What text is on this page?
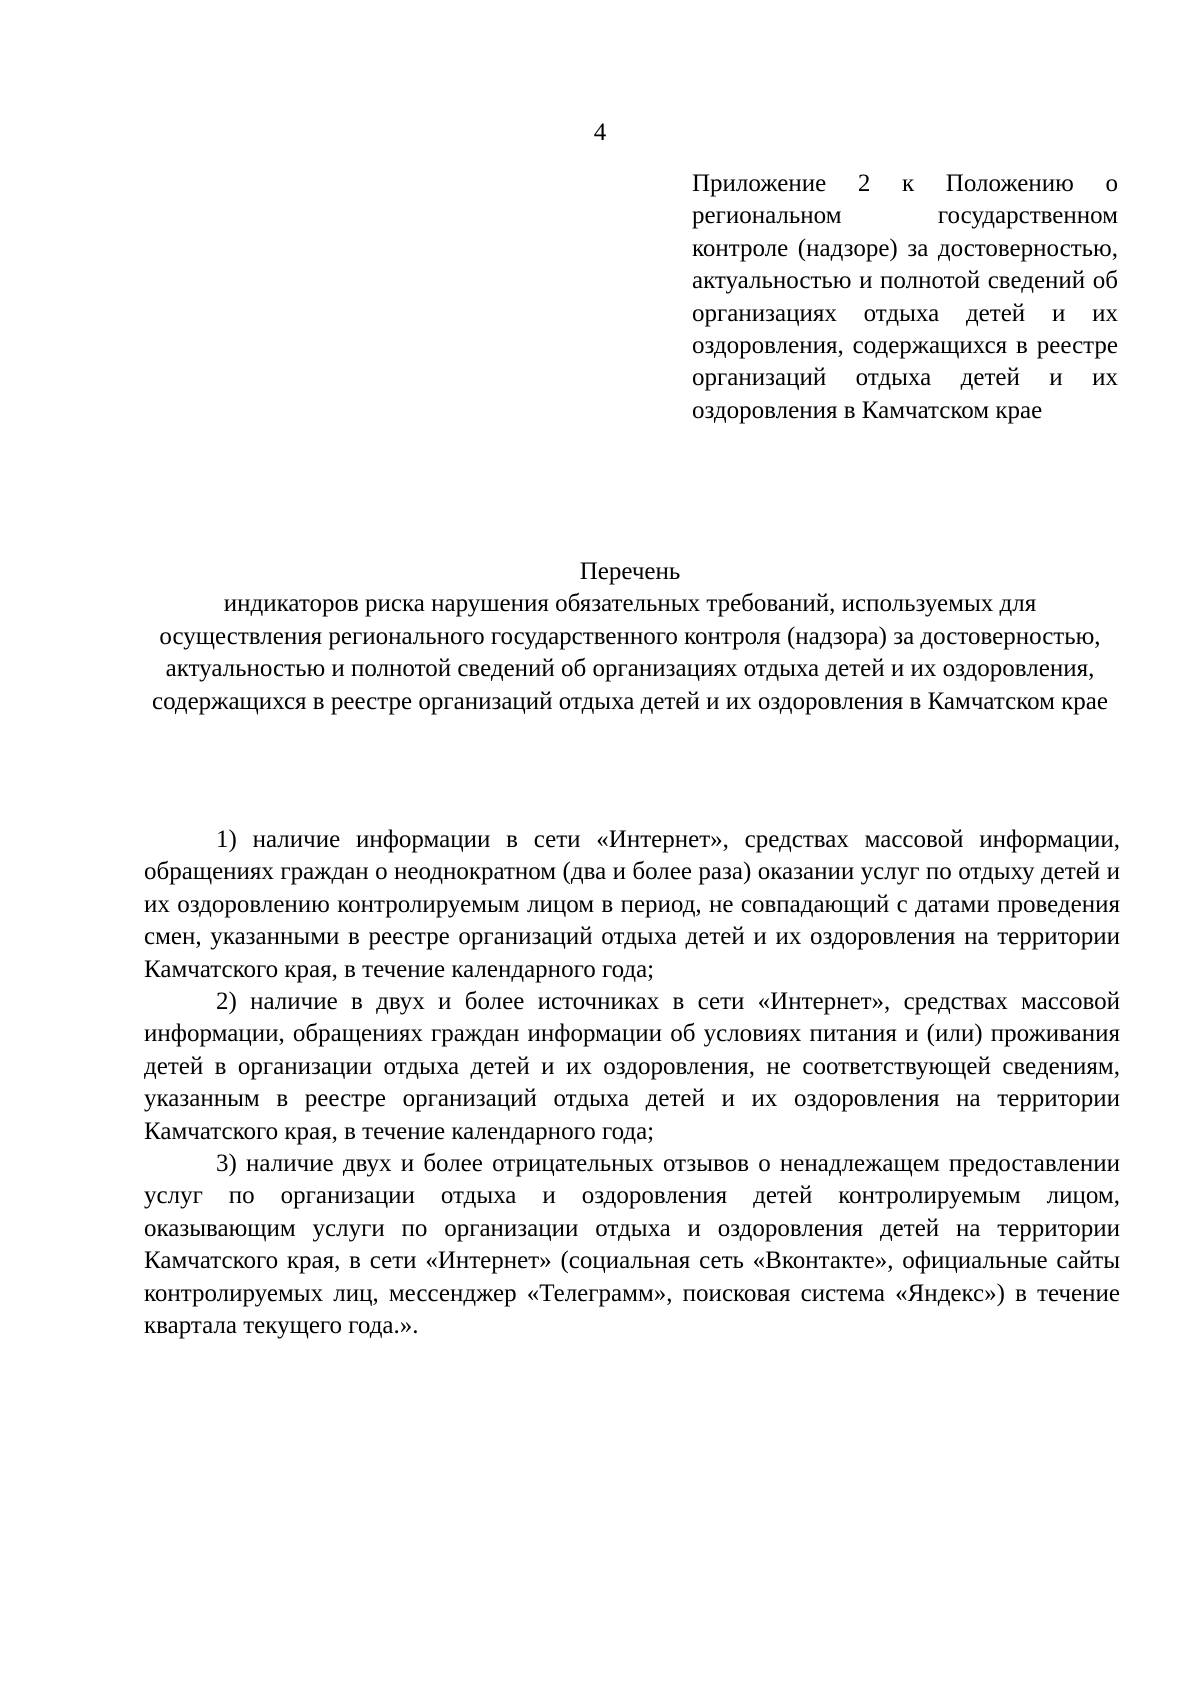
4
Приложение 2 к Положению о региональном государственном контроле (надзоре) за достоверностью, актуальностью и полнотой сведений об организациях отдыха детей и их оздоровления, содержащихся в реестре организаций отдыха детей и их оздоровления в Камчатском крае
Перечень
индикаторов риска нарушения обязательных требований, используемых для осуществления регионального государственного контроля (надзора) за достоверностью, актуальностью и полнотой сведений об организациях отдыха детей и их оздоровления, содержащихся в реестре организаций отдыха детей и их оздоровления в Камчатском крае

1) наличие информации в сети «Интернет», средствах массовой информации, обращениях граждан о неоднократном (два и более раза) оказании услуг по отдыху детей и их оздоровлению контролируемым лицом в период, не совпадающий с датами проведения смен, указанными в реестре организаций отдыха детей и их оздоровления на территории Камчатского края, в течение календарного года;

2) наличие в двух и более источниках в сети «Интернет», средствах массовой информации, обращениях граждан информации об условиях питания и (или) проживания детей в организации отдыха детей и их оздоровления, не соответствующей сведениям, указанным в реестре организаций отдыха детей и их оздоровления на территории Камчатского края, в течение календарного года;

3) наличие двух и более отрицательных отзывов о ненадлежащем предоставлении услуг по организации отдыха и оздоровления детей контролируемым лицом, оказывающим услуги по организации отдыха и оздоровления детей на территории Камчатского края, в сети «Интернет» (социальная сеть «Вконтакте», официальные сайты контролируемых лиц, мессенджер «Телеграмм», поисковая система «Яндекс») в течение квартала текущего года.».
